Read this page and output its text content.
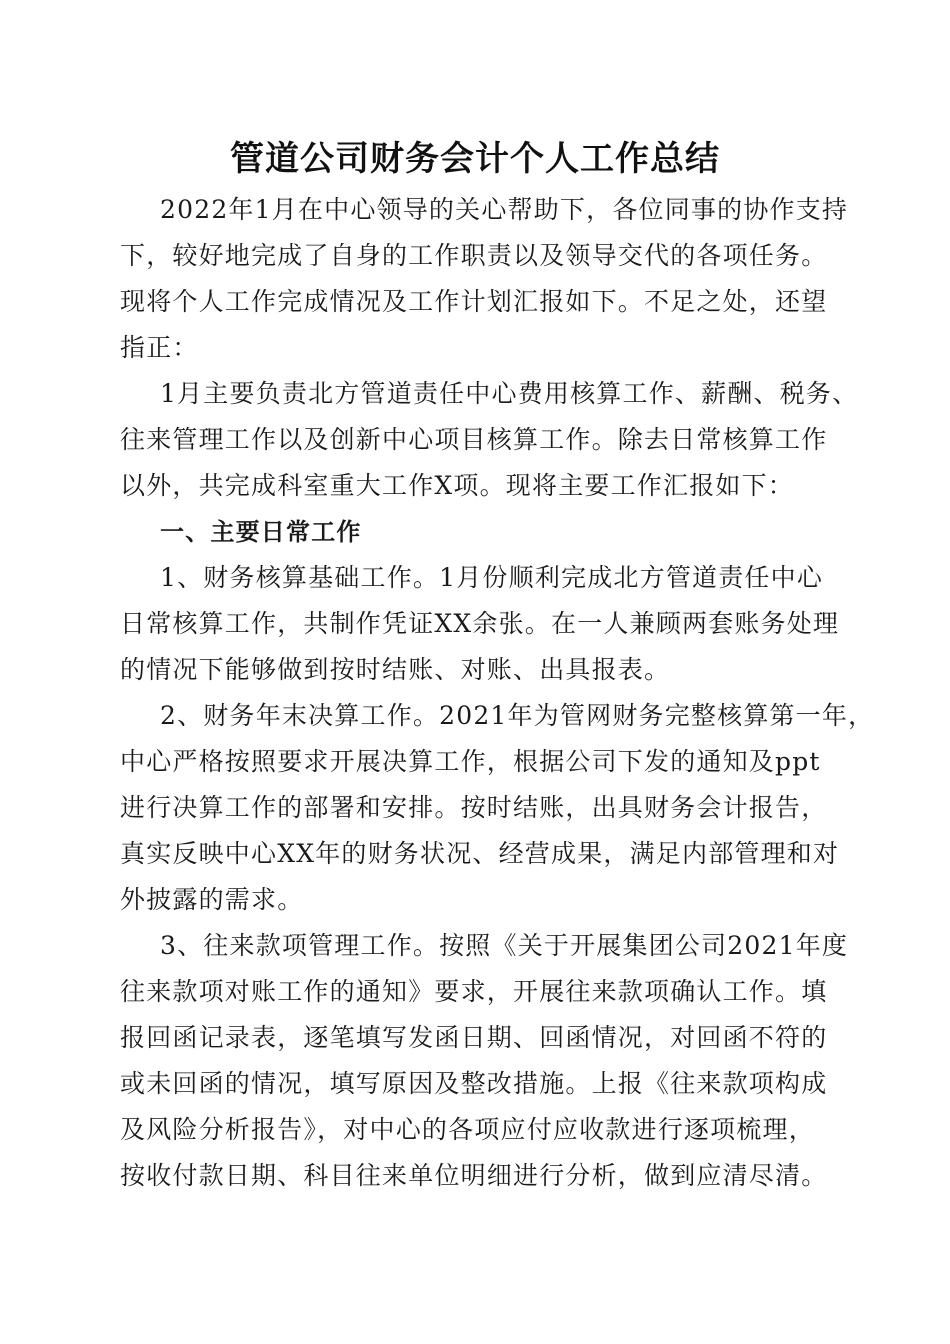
管道公司财务会计个人工作总结
2022年1月在中心领导的关心帮助下，各位同事的协作支持
下，较好地完成了自身的工作职责以及领导交代的各项任务。
现将个人工作完成情况及工作计划汇报如下。不足之处，还望
指正：
1月主要负责北方管道责任中心费用核算工作、薪酬、税务、
往来管理工作以及创新中心项目核算工作。除去日常核算工作
以外，共完成科室重大工作X项。现将主要工作汇报如下：
一、主要日常工作
1、财务核算基础工作。1月份顺利完成北方管道责任中心
日常核算工作，共制作凭证XX余张。在一人兼顾两套账务处理
的情况下能够做到按时结账、对账、出具报表。
2、财务年末决算工作。2021年为管网财务完整核算第一年，
中心严格按照要求开展决算工作，根据公司下发的通知及ppt
进行决算工作的部署和安排。按时结账，出具财务会计报告，
真实反映中心XX年的财务状况、经营成果，满足内部管理和对
外披露的需求。
3、往来款项管理工作。按照《关于开展集团公司2021年度
往来款项对账工作的通知》要求，开展往来款项确认工作。填
报回函记录表，逐笔填写发函日期、回函情况，对回函不符的
或未回函的情况，填写原因及整改措施。上报《往来款项构成
及风险分析报告》，对中心的各项应付应收款进行逐项梳理，
按收付款日期、科目往来单位明细进行分析，做到应清尽清。
